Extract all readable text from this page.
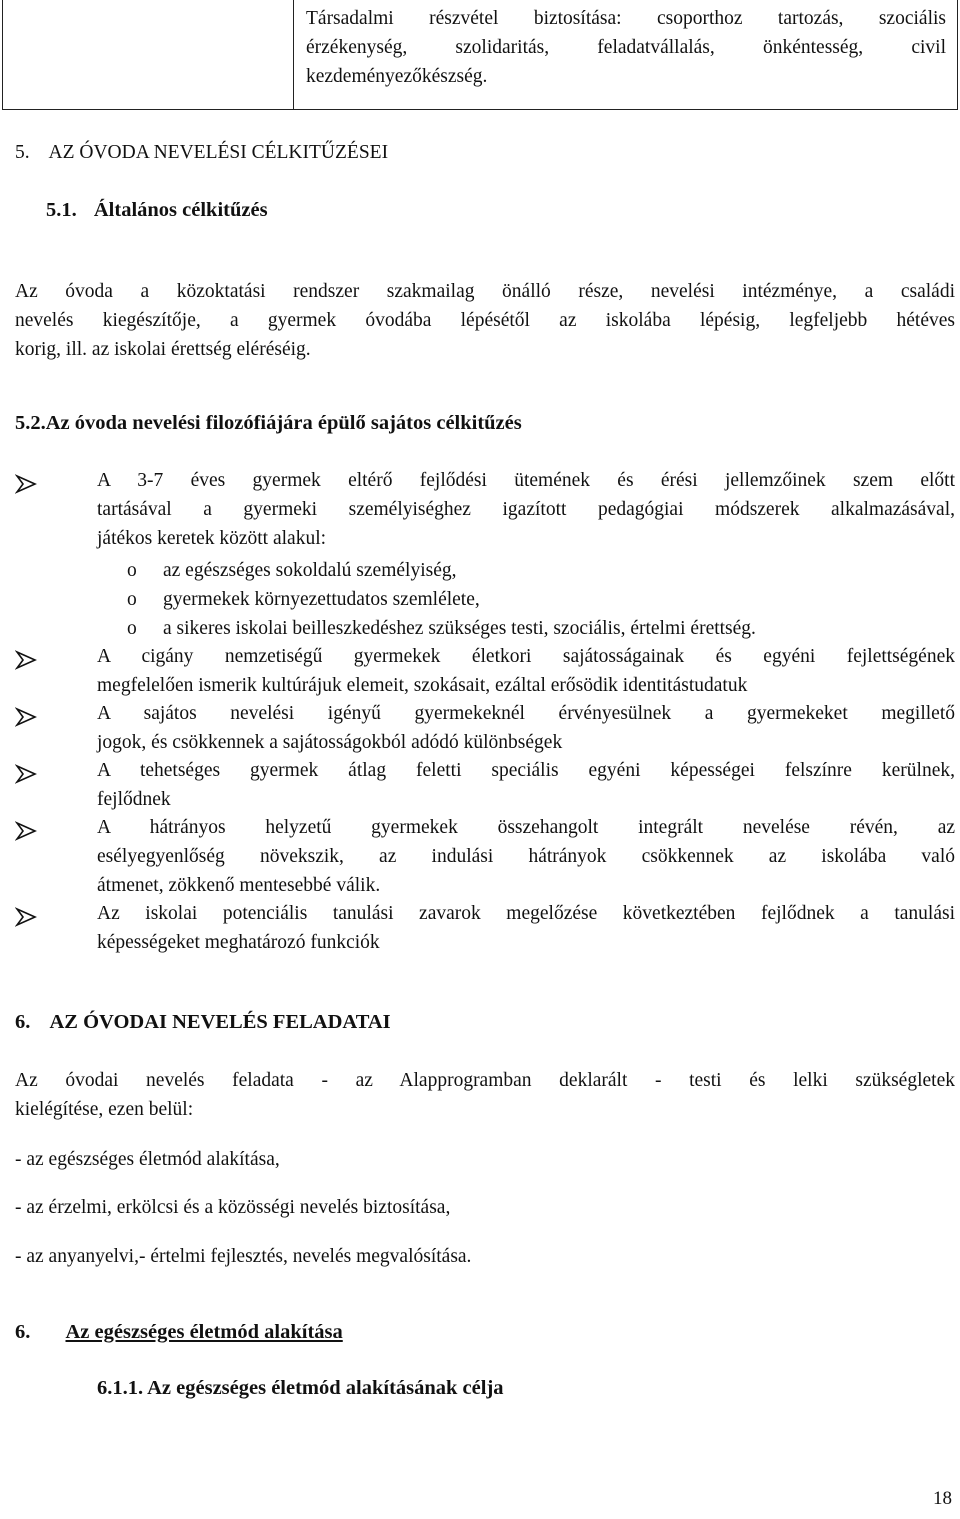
Társadalmi részvétel biztosítása: csoporthoz tartozás, szociális
érzékenység, szolidaritás, feladatvállalás, önkéntesség, civil
kezdeményezőkészség.
5. AZ ÓVODA NEVELÉSI CÉLKITŰZÉSEI
5.1. Általános célkitűzés
Az óvoda a közoktatási rendszer szakmailag önálló része, nevelési intézménye, a családi
nevelés kiegészítője, a gyermek óvodába lépésétől az iskolába lépésig, legfeljebb hétéves
korig, ill. az iskolai érettség eléréséig.
5.2.Az óvoda nevelési filozófiájára épülő sajátos célkitűzés
A 3-7 éves gyermek eltérő fejlődési ütemének és érési jellemzőinek szem előtt
tartásával a gyermeki személyiséghez igazított pedagógiai módszerek alkalmazásával,
játékos keretek között alakul:
o	az egészséges sokoldalú személyiség,
o	gyermekek környezettudatos szemlélete,
o	a sikeres iskolai beilleszkedéshez szükséges testi, szociális, értelmi érettség.
A cigány nemzetiségű gyermekek életkori sajátosságainak és egyéni fejlettségének
megfelelően ismerik kultúrájuk elemeit, szokásait, ezáltal erősödik identitástudatuk
A sajátos nevelési igényű gyermekeknél érvényesülnek a gyermekeket megillető
jogok, és csökkennek a sajátosságokból adódó különbségek
A tehetséges gyermek átlag feletti speciális egyéni képességei felszínre kerülnek,
fejlődnek
A hátrányos helyzetű gyermekek összehangolt integrált nevelése révén, az
esélyegyenlőség növekszik, az indulási hátrányok csökkennek az iskolába való
átmenet, zökkenő mentesebbé válik.
Az iskolai potenciális tanulási zavarok megelőzése következtében fejlődnek a tanulási
képességeket meghatározó funkciók
6. AZ ÓVODAI NEVELÉS FELADATAI
Az óvodai nevelés feladata - az Alapprogramban deklarált - testi és lelki szükségletek
kielégítése, ezen belül:
- az egészséges életmód alakítása,
- az érzelmi, erkölcsi és a közösségi nevelés biztosítása,
- az anyanyelvi,- értelmi fejlesztés, nevelés megvalósítása.
6. Az egészséges életmód alakítása
6.1.1. Az egészséges életmód alakításának célja
18
